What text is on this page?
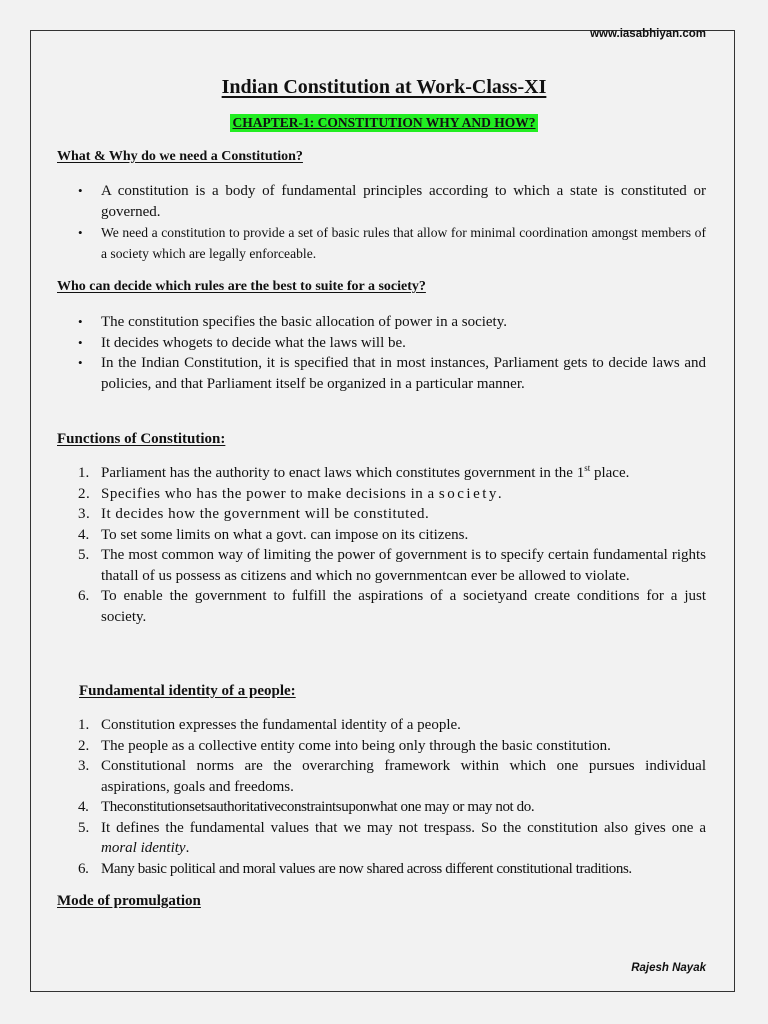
www.iasabhiyan.com
Indian Constitution at Work-Class-XI
CHAPTER-1: CONSTITUTION WHY AND HOW?
What & Why do we need a Constitution?
• A constitution is a body of fundamental principles according to which a state is constituted or governed.
• We need a constitution to provide a set of basic rules that allow for minimal coordination amongst members of a society which are legally enforceable.
Who can decide which rules are the best to suite for a society?
• The constitution specifies the basic allocation of power in a society.
• It decides whogets to decide what the laws will be.
• In the Indian Constitution, it is specified that in most instances, Parliament gets to decide laws and policies, and that Parliament itself be organized in a particular manner.
Functions of Constitution:
1. Parliament has the authority to enact laws which constitutes government in the 1st place.
2. Specifies who has the power to make decisions in a society.
3. It decides how the government will be constituted.
4. To set some limits on what a govt. can impose on its citizens.
5. The most common way of limiting the power of government is to specify certain fundamental rights thatall of us possess as citizens and which no governmentcan ever be allowed to violate.
6. To enable the government to fulfill the aspirations of a societyand create conditions for a just society.
Fundamental identity of a people:
1. Constitution expresses the fundamental identity of a people.
2. The people as a collective entity come into being only through the basic constitution.
3. Constitutional norms are the overarching framework within which one pursues individual aspirations, goals and freedoms.
4. Theconstitutionsetsauthoritativeconstraintsuponwhat one may or may not do.
5. It defines the fundamental values that we may not trespass. So the constitution also gives one a moral identity.
6. Many basic political and moral values are now shared across different constitutional traditions.
Mode of promulgation
Rajesh Nayak
